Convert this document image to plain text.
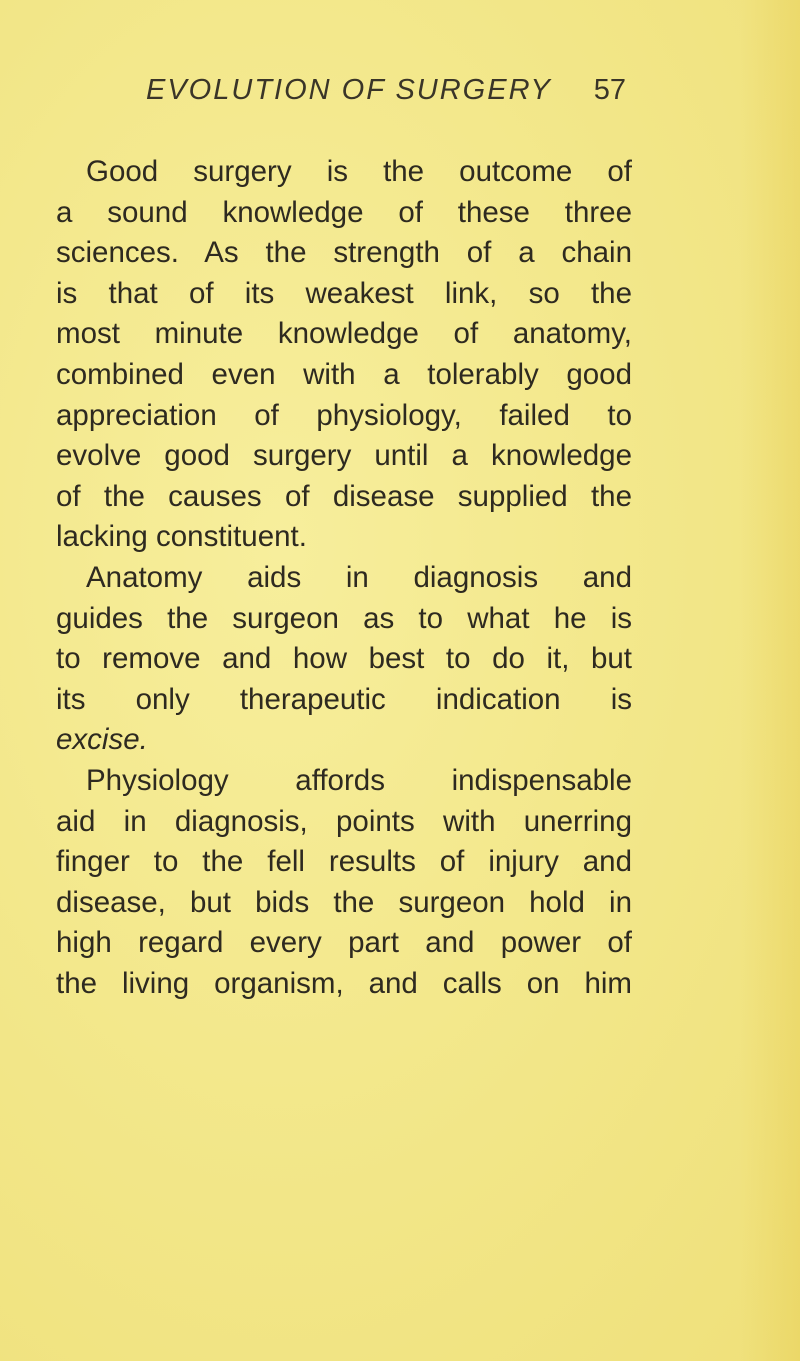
EVOLUTION OF SURGERY 57
Good surgery is the outcome of
a sound knowledge of these three
sciences. As the strength of a chain
is that of its weakest link, so the
most minute knowledge of anatomy,
combined even with a tolerably good
appreciation of physiology, failed to
evolve good surgery until a knowledge
of the causes of disease supplied the
lacking constituent.
Anatomy aids in diagnosis and
guides the surgeon as to what he is
to remove and how best to do it, but
its only therapeutic indication is
excise.
Physiology affords indispensable
aid in diagnosis, points with unerring
finger to the fell results of injury and
disease, but bids the surgeon hold in
high regard every part and power of
the living organism, and calls on him
